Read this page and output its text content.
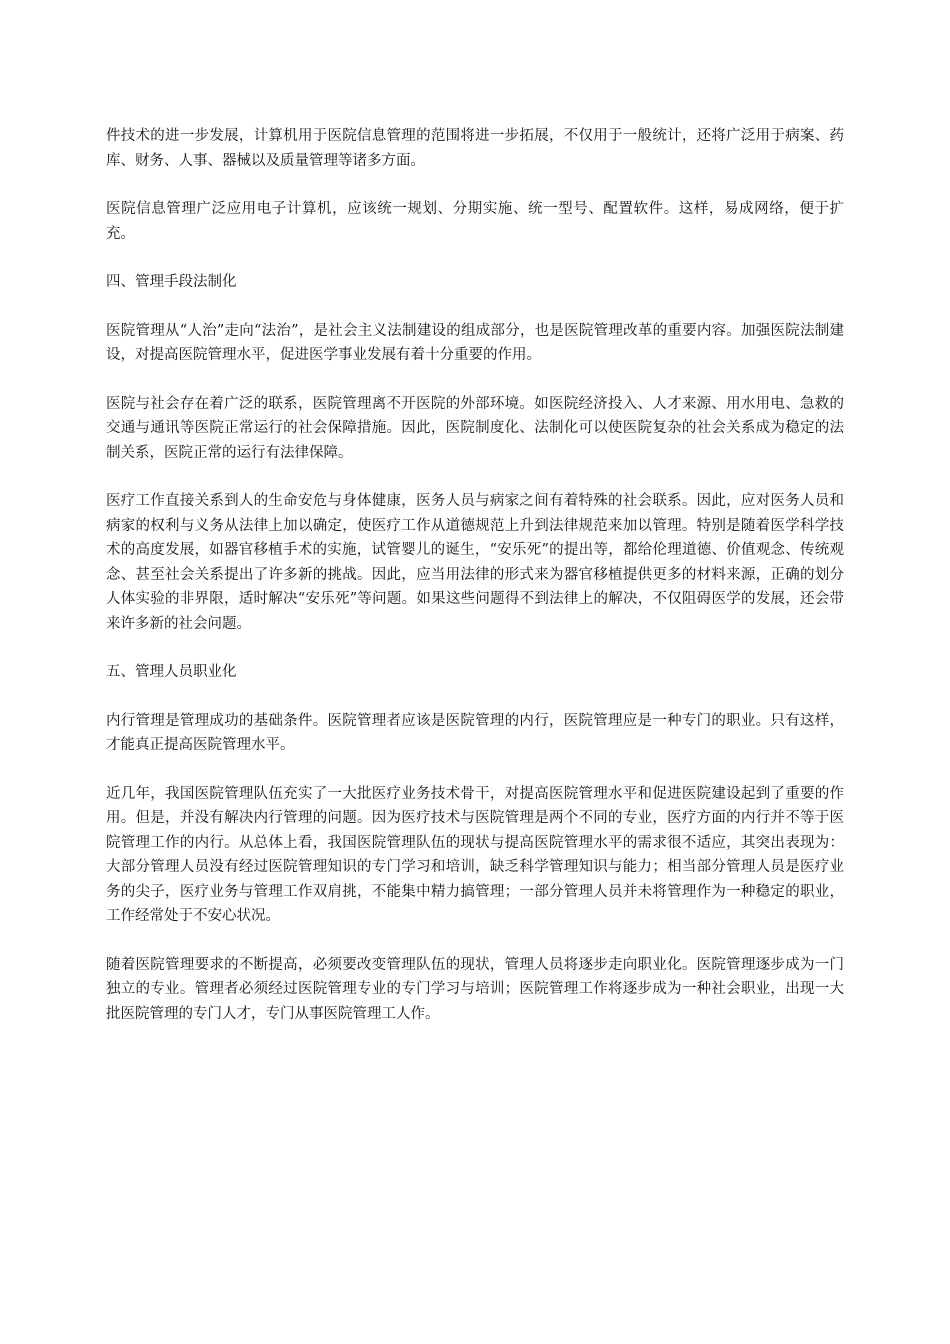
件技术的进一步发展，计算机用于医院信息管理的范围将进一步拓展，不仅用于一般统计，还将广泛用于病案、药库、财务、人事、器械以及质量管理等诸多方面。

医院信息管理广泛应用电子计算机，应该统一规划、分期实施、统一型号、配置软件。这样，易成网络，便于扩充。

四、管理手段法制化

医院管理从“人治”走向“法治”，是社会主义法制建设的组成部分，也是医院管理改革的重要内容。加强医院法制建设，对提高医院管理水平，促进医学事业发展有着十分重要的作用。

医院与社会存在着广泛的联系，医院管理离不开医院的外部环境。如医院经济投入、人才来源、用水用电、急救的交通与通讯等医院正常运行的社会保障措施。因此，医院制度化、法制化可以使医院复杂的社会关系成为稳定的法制关系，医院正常的运行有法律保障。

医疗工作直接关系到人的生命安危与身体健康，医务人员与病家之间有着特殊的社会联系。因此，应对医务人员和病家的权利与义务从法律上加以确定，使医疗工作从道德规范上升到法律规范来加以管理。特别是随着医学科学技术的高度发展，如器官移植手术的实施，试管婴儿的诞生，“安乐死”的提出等，都给伦理道德、价值观念、传统观念、甚至社会关系提出了许多新的挑战。因此，应当用法律的形式来为器官移植提供更多的材料来源，正确的划分人体实验的非界限，适时解决“安乐死”等问题。如果这些问题得不到法律上的解决，不仅阻碍医学的发展，还会带来许多新的社会问题。

五、管理人员职业化

内行管理是管理成功的基础条件。医院管理者应该是医院管理的内行，医院管理应是一种专门的职业。只有这样，才能真正提高医院管理水平。

近几年，我国医院管理队伍充实了一大批医疗业务技术骨干，对提高医院管理水平和促进医院建设起到了重要的作用。但是，并没有解决内行管理的问题。因为医疗技术与医院管理是两个不同的专业，医疗方面的内行并不等于医院管理工作的内行。从总体上看，我国医院管理队伍的现状与提高医院管理水平的需求很不适应，其突出表现为：大部分管理人员没有经过医院管理知识的专门学习和培训，缺乏科学管理知识与能力；相当部分管理人员是医疗业务的尖子，医疗业务与管理工作双肩挑，不能集中精力搞管理；一部分管理人员并未将管理作为一种稳定的职业，工作经常处于不安心状况。

随着医院管理要求的不断提高，必须要改变管理队伍的现状，管理人员将逐步走向职业化。医院管理逐步成为一门独立的专业。管理者必须经过医院管理专业的专门学习与培训；医院管理工作将逐步成为一种社会职业，出现一大批医院管理的专门人才，专门从事医院管理工人作。
